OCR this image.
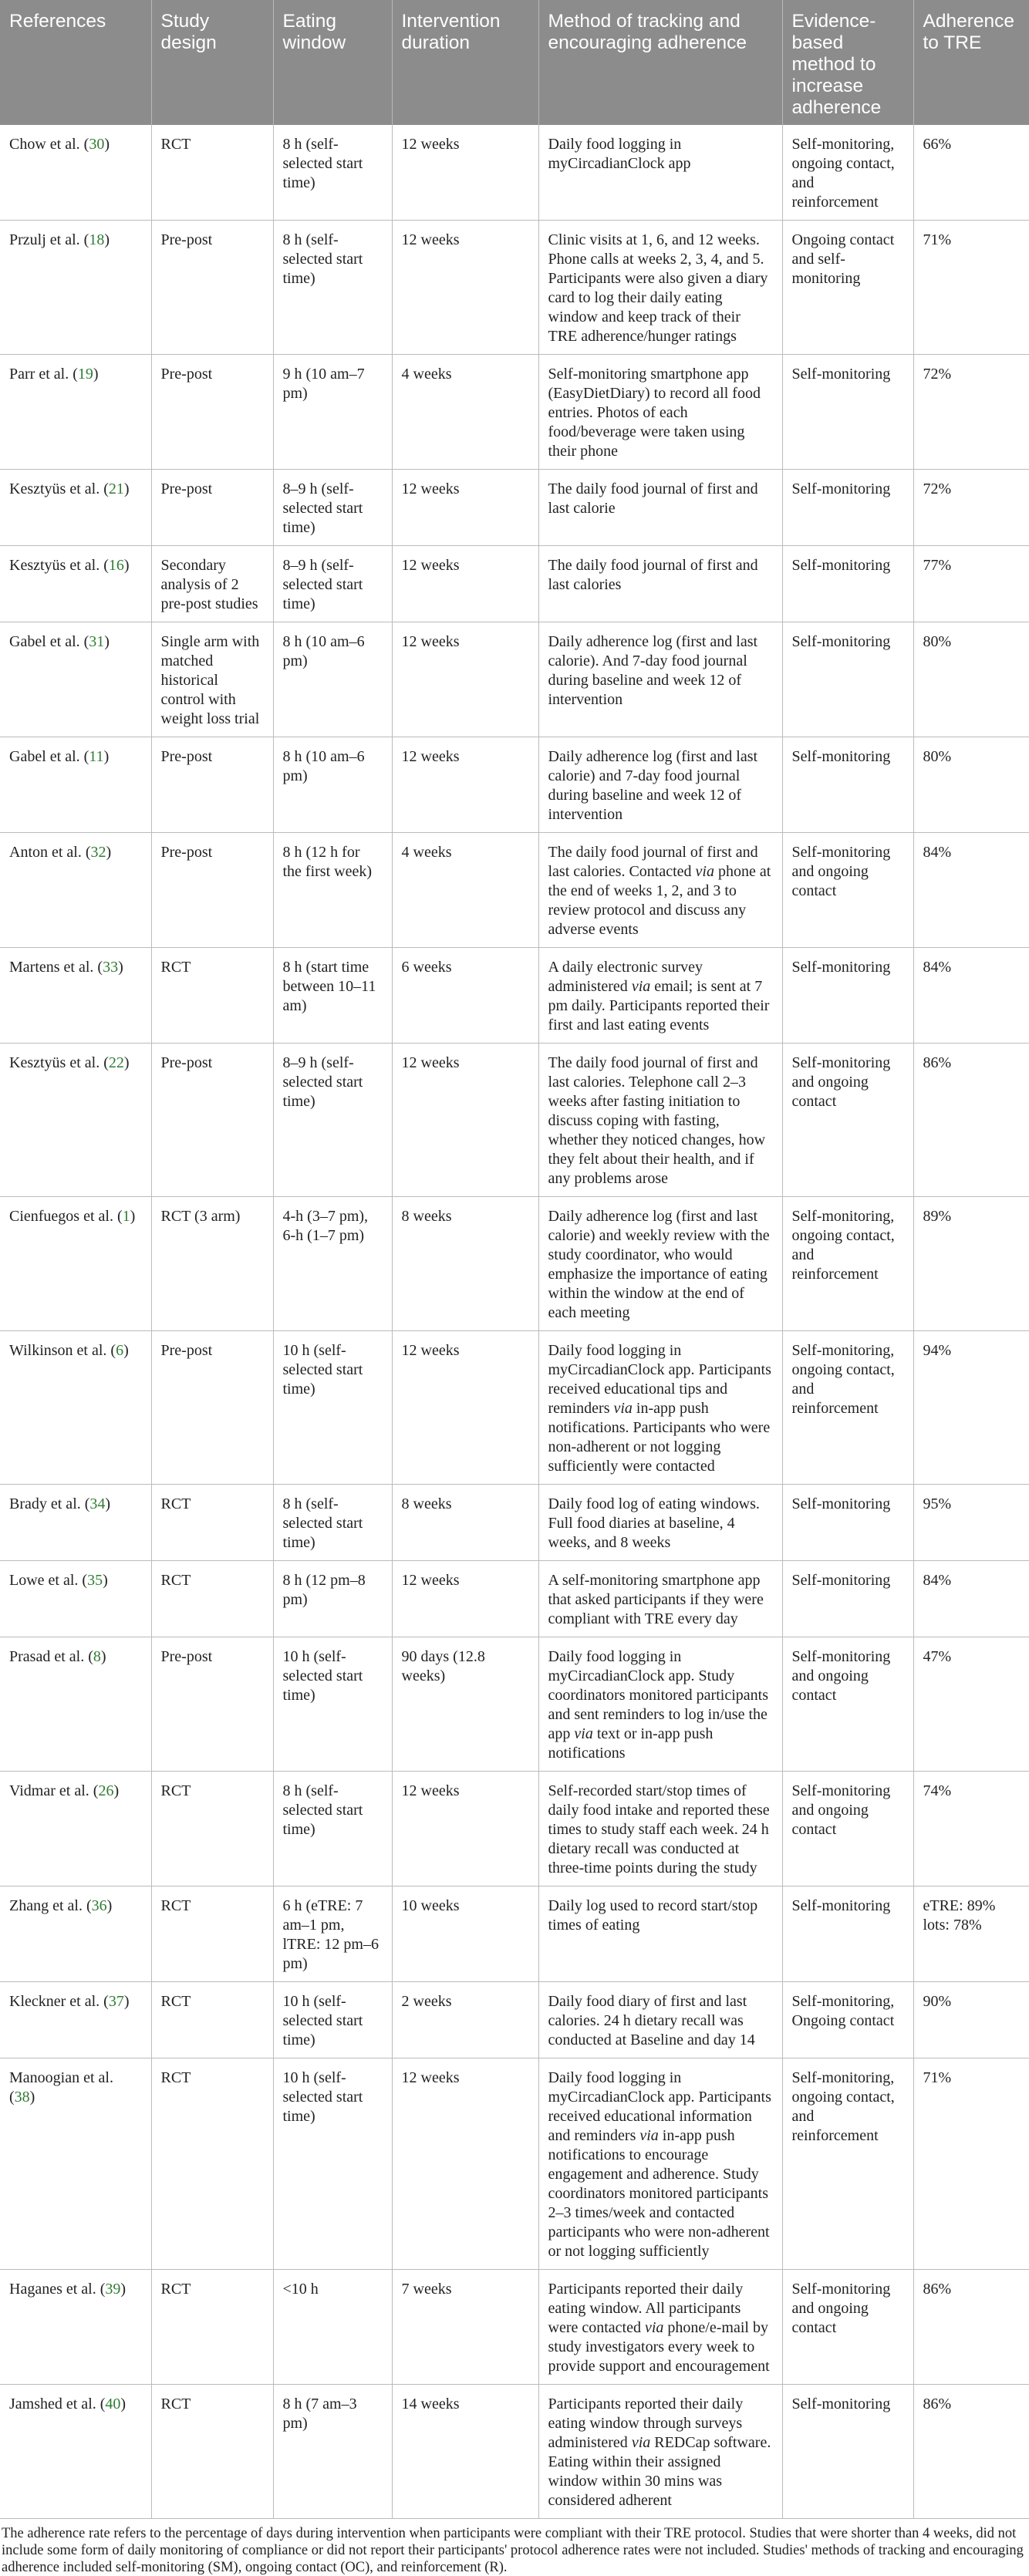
References	Study design	Eating window	Intervention duration	Method of tracking and encouraging adherence	Evidence-based method to increase adherence	Adherence to TRE
Chow et al. (30)	RCT	8 h (self-selected start time)	12 weeks	Daily food logging in myCircadianClock app	Self-monitoring, ongoing contact, and reinforcement	66%
Przulj et al. (18)	Pre-post	8 h (self-selected start time)	12 weeks	Clinic visits at 1, 6, and 12 weeks. Phone calls at weeks 2, 3, 4, and 5. Participants were also given a diary card to log their daily eating window and keep track of their TRE adherence/hunger ratings	Ongoing contact and self-monitoring	71%
Parr et al. (19)	Pre-post	9 h (10 am–7 pm)	4 weeks	Self-monitoring smartphone app (EasyDietDiary) to record all food entries. Photos of each food/beverage were taken using their phone	Self-monitoring	72%
Kesztyüs et al. (21)	Pre-post	8–9 h (self-selected start time)	12 weeks	The daily food journal of first and last calorie	Self-monitoring	72%
Kesztyüs et al. (16)	Secondary analysis of 2 pre-post studies	8–9 h (self-selected start time)	12 weeks	The daily food journal of first and last calories	Self-monitoring	77%
Gabel et al. (31)	Single arm with matched historical control with weight loss trial	8 h (10 am–6 pm)	12 weeks	Daily adherence log (first and last calorie). And 7-day food journal during baseline and week 12 of intervention	Self-monitoring	80%
Gabel et al. (11)	Pre-post	8 h (10 am–6 pm)	12 weeks	Daily adherence log (first and last calorie) and 7-day food journal during baseline and week 12 of intervention	Self-monitoring	80%
Anton et al. (32)	Pre-post	8 h (12 h for the first week)	4 weeks	The daily food journal of first and last calories. Contacted via phone at the end of weeks 1, 2, and 3 to review protocol and discuss any adverse events	Self-monitoring and ongoing contact	84%
Martens et al. (33)	RCT	8 h (start time between 10–11 am)	6 weeks	A daily electronic survey administered via email; is sent at 7 pm daily. Participants reported their first and last eating events	Self-monitoring	84%
Kesztyüs et al. (22)	Pre-post	8–9 h (self-selected start time)	12 weeks	The daily food journal of first and last calories. Telephone call 2–3 weeks after fasting initiation to discuss coping with fasting, whether they noticed changes, how they felt about their health, and if any problems arose	Self-monitoring and ongoing contact	86%
Cienfuegos et al. (1)	RCT (3 arm)	4-h (3–7 pm), 6-h (1–7 pm)	8 weeks	Daily adherence log (first and last calorie) and weekly review with the study coordinator, who would emphasize the importance of eating within the window at the end of each meeting	Self-monitoring, ongoing contact, and reinforcement	89%
Wilkinson et al. (6)	Pre-post	10 h (self-selected start time)	12 weeks	Daily food logging in myCircadianClock app. Participants received educational tips and reminders via in-app push notifications. Participants who were non-adherent or not logging sufficiently were contacted	Self-monitoring, ongoing contact, and reinforcement	94%
Brady et al. (34)	RCT	8 h (self-selected start time)	8 weeks	Daily food log of eating windows. Full food diaries at baseline, 4 weeks, and 8 weeks	Self-monitoring	95%
Lowe et al. (35)	RCT	8 h (12 pm–8 pm)	12 weeks	A self-monitoring smartphone app that asked participants if they were compliant with TRE every day	Self-monitoring	84%
Prasad et al. (8)	Pre-post	10 h (self-selected start time)	90 days (12.8 weeks)	Daily food logging in myCircadianClock app. Study coordinators monitored participants and sent reminders to log in/use the app via text or in-app push notifications	Self-monitoring and ongoing contact	47%
Vidmar et al. (26)	RCT	8 h (self-selected start time)	12 weeks	Self-recorded start/stop times of daily food intake and reported these times to study staff each week. 24 h dietary recall was conducted at three-time points during the study	Self-monitoring and ongoing contact	74%
Zhang et al. (36)	RCT	6 h (eTRE: 7 am–1 pm, lTRE: 12 pm–6 pm)	10 weeks	Daily log used to record start/stop times of eating	Self-monitoring	eTRE: 89% lots: 78%
Kleckner et al. (37)	RCT	10 h (self-selected start time)	2 weeks	Daily food diary of first and last calories. 24 h dietary recall was conducted at Baseline and day 14	Self-monitoring, Ongoing contact	90%
Manoogian et al. (38)	RCT	10 h (self-selected start time)	12 weeks	Daily food logging in myCircadianClock app. Participants received educational information and reminders via in-app push notifications to encourage engagement and adherence. Study coordinators monitored participants 2–3 times/week and contacted participants who were non-adherent or not logging sufficiently	Self-monitoring, ongoing contact, and reinforcement	71%
Haganes et al. (39)	RCT	<10 h	7 weeks	Participants reported their daily eating window. All participants were contacted via phone/e-mail by study investigators every week to provide support and encouragement	Self-monitoring and ongoing contact	86%
Jamshed et al. (40)	RCT	8 h (7 am–3 pm)	14 weeks	Participants reported their daily eating window through surveys administered via REDCap software. Eating within their assigned window within 30 mins was considered adherent	Self-monitoring	86%
The adherence rate refers to the percentage of days during intervention when participants were compliant with their TRE protocol. Studies that were shorter than 4 weeks, did not include some form of daily monitoring of compliance or did not report their participants' protocol adherence rates were not included. Studies' methods of tracking and encouraging adherence included self-monitoring (SM), ongoing contact (OC), and reinforcement (R).
